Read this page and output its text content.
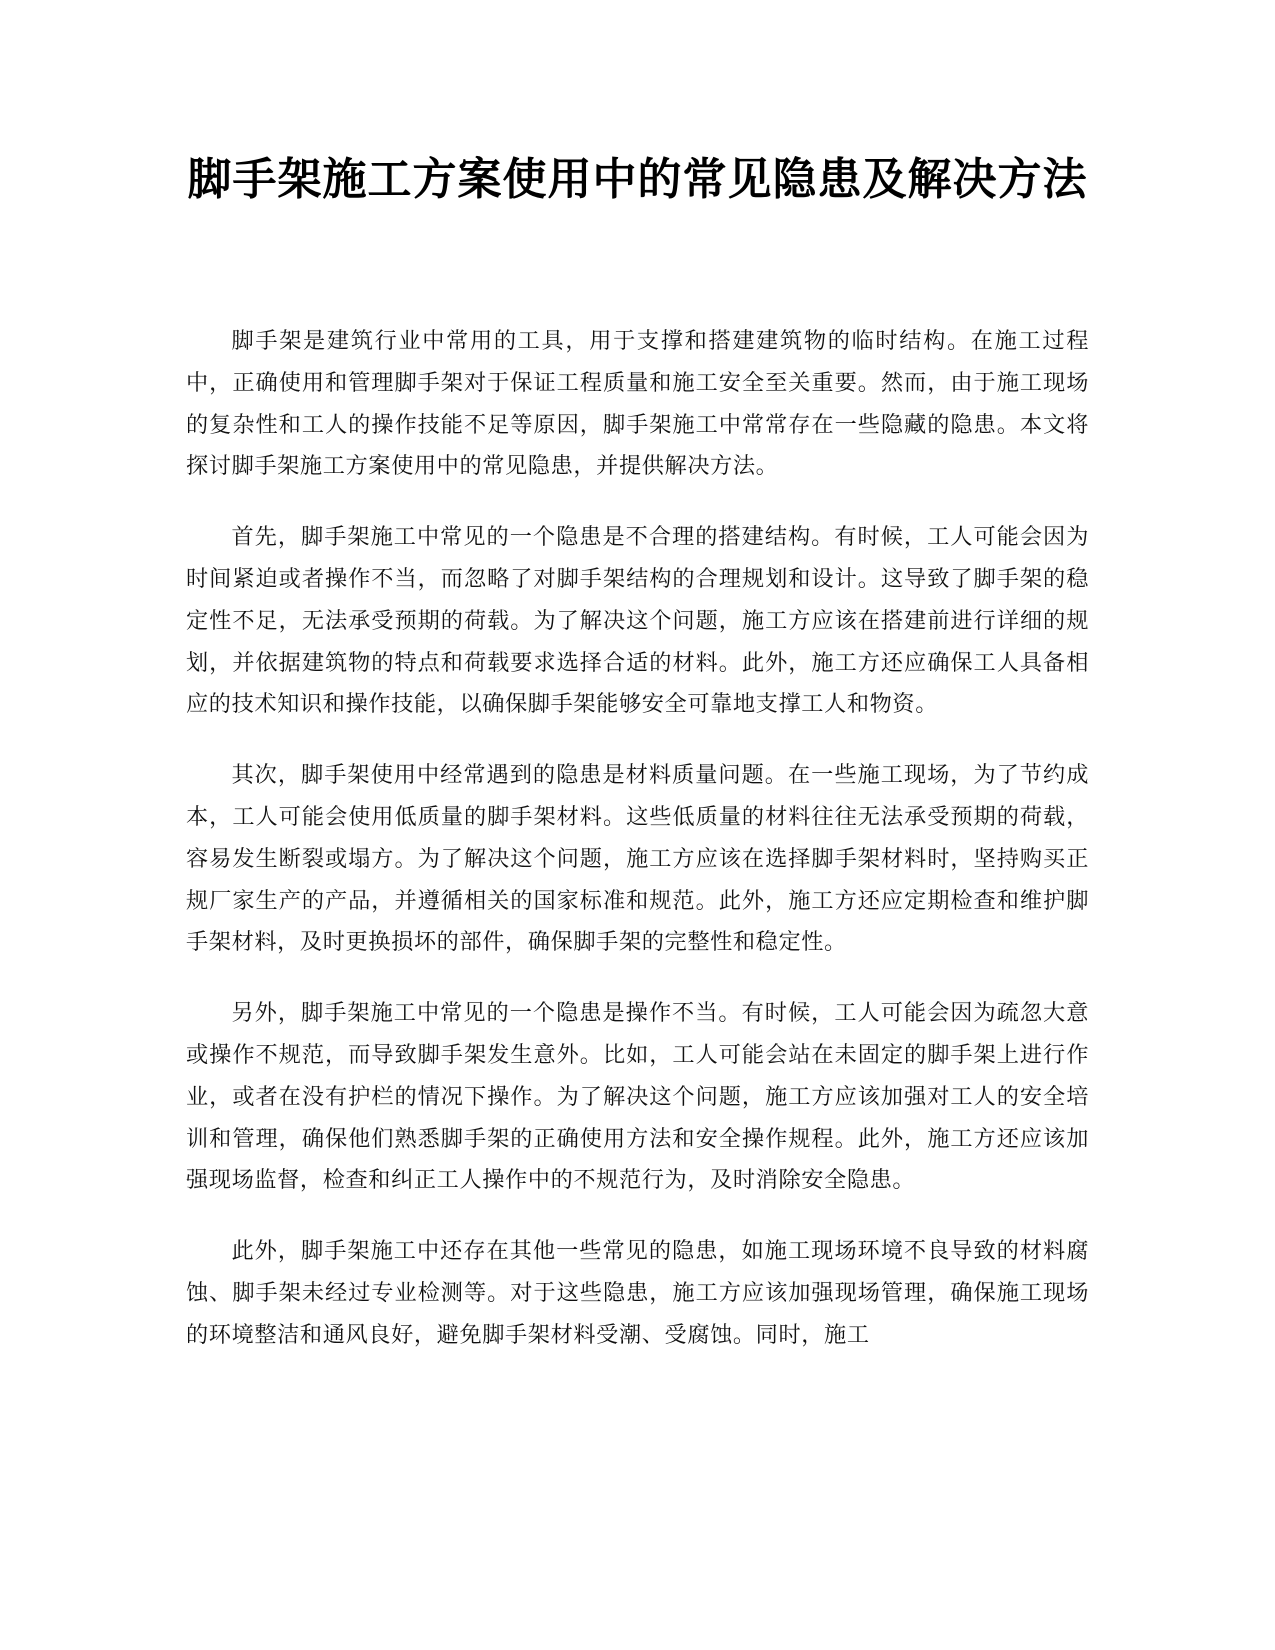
脚手架施工方案使用中的常见隐患及解决方法

脚手架是建筑行业中常用的工具，用于支撑和搭建建筑物的临时结构。在施工过程中，正确使用和管理脚手架对于保证工程质量和施工安全至关重要。然而，由于施工现场的复杂性和工人的操作技能不足等原因，脚手架施工中常常存在一些隐藏的隐患。本文将探讨脚手架施工方案使用中的常见隐患，并提供解决方法。

首先，脚手架施工中常见的一个隐患是不合理的搭建结构。有时候，工人可能会因为时间紧迫或者操作不当，而忽略了对脚手架结构的合理规划和设计。这导致了脚手架的稳定性不足，无法承受预期的荷载。为了解决这个问题，施工方应该在搭建前进行详细的规划，并依据建筑物的特点和荷载要求选择合适的材料。此外，施工方还应确保工人具备相应的技术知识和操作技能，以确保脚手架能够安全可靠地支撑工人和物资。

其次，脚手架使用中经常遇到的隐患是材料质量问题。在一些施工现场，为了节约成本，工人可能会使用低质量的脚手架材料。这些低质量的材料往往无法承受预期的荷载，容易发生断裂或塌方。为了解决这个问题，施工方应该在选择脚手架材料时，坚持购买正规厂家生产的产品，并遵循相关的国家标准和规范。此外，施工方还应定期检查和维护脚手架材料，及时更换损坏的部件，确保脚手架的完整性和稳定性。

另外，脚手架施工中常见的一个隐患是操作不当。有时候，工人可能会因为疏忽大意或操作不规范，而导致脚手架发生意外。比如，工人可能会站在未固定的脚手架上进行作业，或者在没有护栏的情况下操作。为了解决这个问题，施工方应该加强对工人的安全培训和管理，确保他们熟悉脚手架的正确使用方法和安全操作规程。此外，施工方还应该加强现场监督，检查和纠正工人操作中的不规范行为，及时消除安全隐患。

此外，脚手架施工中还存在其他一些常见的隐患，如施工现场环境不良导致的材料腐蚀、脚手架未经过专业检测等。对于这些隐患，施工方应该加强现场管理，确保施工现场的环境整洁和通风良好，避免脚手架材料受潮、受腐蚀。同时，施工
